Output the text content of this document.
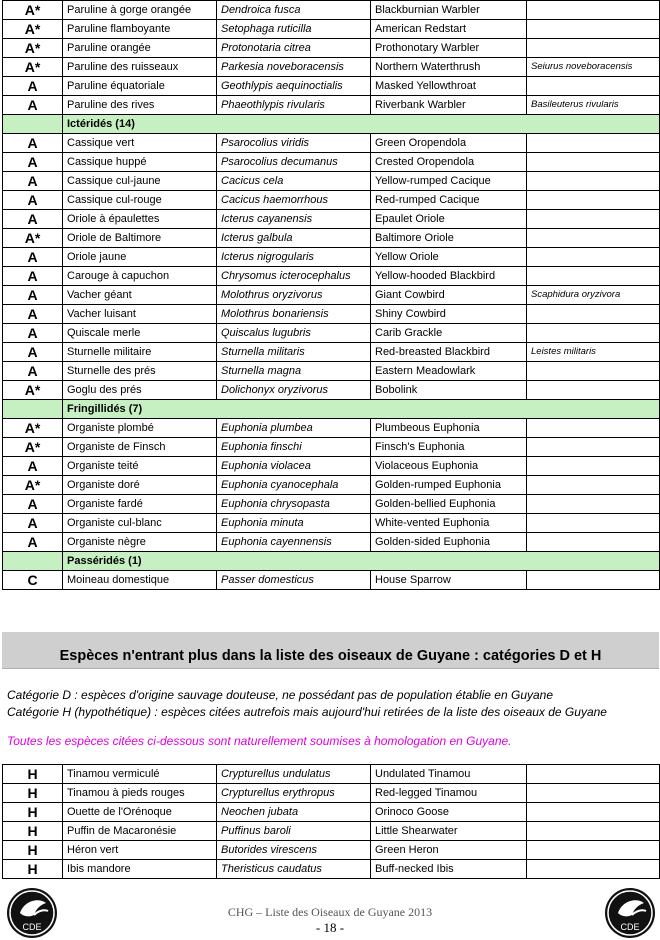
A*	Paruline à gorge orangée	Dendroica fusca	Blackburnian Warbler	
A*	Paruline flamboyante	Setophaga ruticilla	American Redstart	
A*	Paruline orangée	Protonotaria citrea	Prothonotary Warbler	
A*	Paruline des ruisseaux	Parkesia noveboracensis	Northern Waterthrush	Seiurus noveboracensis
A	Paruline équatoriale	Geothlypis aequinoctialis	Masked Yellowthroat	
A	Paruline des rives	Phaeothlypis rivularis	Riverbank Warbler	Basileuterus rivularis
	Ictéridés (14)			
A	Cassique vert	Psarocolius viridis	Green Oropendola	
A	Cassique huppé	Psarocolius decumanus	Crested Oropendola	
A	Cassique cul-jaune	Cacicus cela	Yellow-rumped Cacique	
A	Cassique cul-rouge	Cacicus haemorrhous	Red-rumped Cacique	
A	Oriole à épaulettes	Icterus cayanensis	Epaulet Oriole	
A*	Oriole de Baltimore	Icterus galbula	Baltimore Oriole	
A	Oriole jaune	Icterus nigrogularis	Yellow Oriole	
A	Carouge à capuchon	Chrysomus icterocephalus	Yellow-hooded Blackbird	
A	Vacher géant	Molothrus oryzivorus	Giant Cowbird	Scaphidura oryzivora
A	Vacher luisant	Molothrus bonariensis	Shiny Cowbird	
A	Quiscale merle	Quiscalus lugubris	Carib Grackle	
A	Sturnelle militaire	Sturnella militaris	Red-breasted Blackbird	Leistes militaris
A	Sturnelle des prés	Sturnella magna	Eastern Meadowlark	
A*	Goglu des prés	Dolichonyx oryzivorus	Bobolink	
	Fringillidés (7)			
A*	Organiste plombé	Euphonia plumbea	Plumbeous Euphonia	
A*	Organiste de Finsch	Euphonia finschi	Finsch's Euphonia	
A	Organiste teité	Euphonia violacea	Violaceous Euphonia	
A*	Organiste doré	Euphonia cyanocephala	Golden-rumped Euphonia	
A	Organiste fardé	Euphonia chrysopasta	Golden-bellied Euphonia	
A	Organiste cul-blanc	Euphonia minuta	White-vented Euphonia	
A	Organiste nègre	Euphonia cayennensis	Golden-sided Euphonia	
	Passéridés (1)			
C	Moineau domestique	Passer domesticus	House Sparrow	
Espèces n'entrant plus dans la liste des oiseaux de Guyane : catégories D et H
Catégorie D : espèces d'origine sauvage douteuse, ne possédant pas de population établie en Guyane
Catégorie H (hypothétique) : espèces citées autrefois mais aujourd'hui retirées de la liste des oiseaux de Guyane
Toutes les espèces citées ci-dessous sont naturellement soumises à homologation en Guyane.
H	Tinamou vermiculé	Crypturellus undulatus	Undulated Tinamou	
H	Tinamou à pieds rouges	Crypturellus erythropus	Red-legged Tinamou	
H	Ouette de l'Orénoque	Neochen jubata	Orinoco Goose	
H	Puffin de Macaronésie	Puffinus baroli	Little Shearwater	
H	Héron vert	Butorides virescens	Green Heron	
H	Ibis mandore	Theristicus caudatus	Buff-necked Ibis	
CDE
CHG – Liste des Oiseaux de Guyane 2013
- 18 -	CDE
